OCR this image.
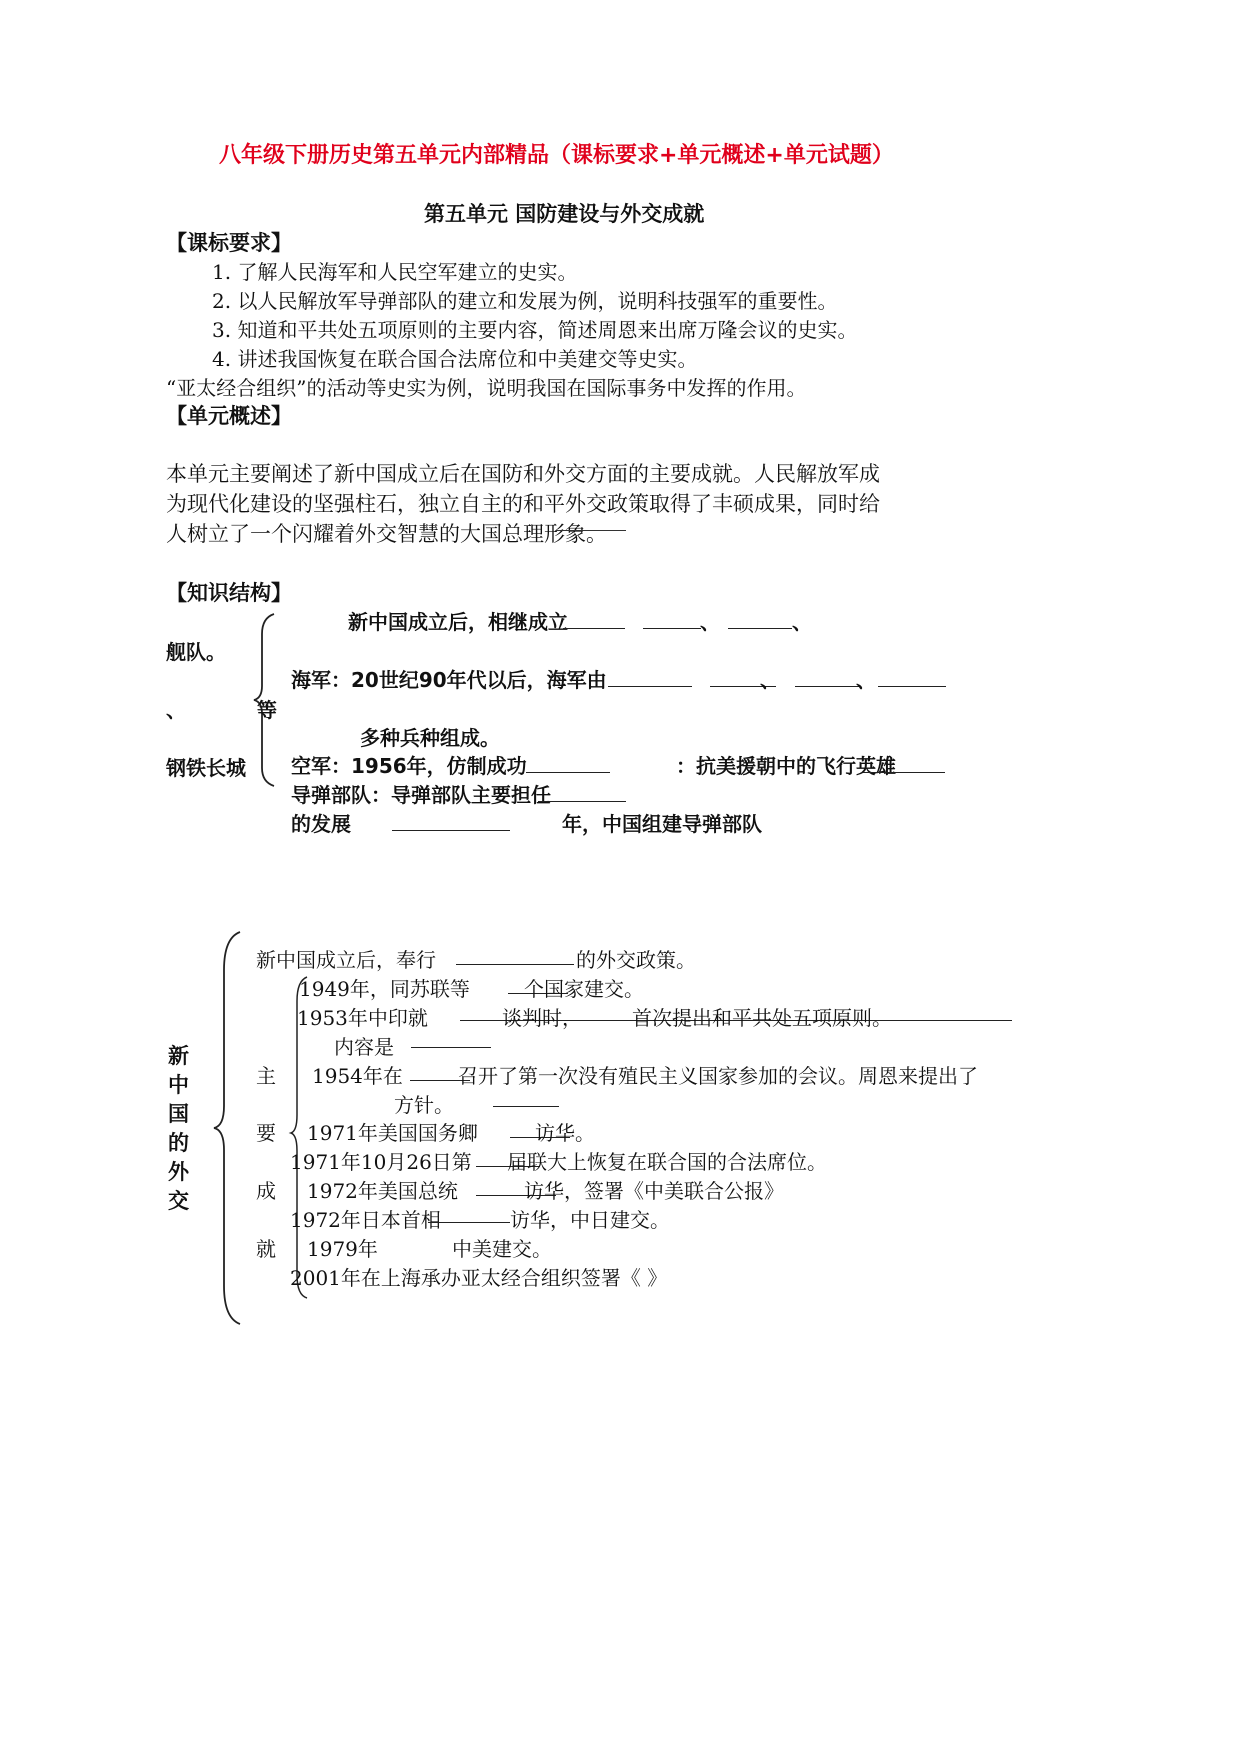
八年级下册历史第五单元内部精品（课标要求+单元概述+单元试题）
第五单元 国防建设与外交成就
【课标要求】
1. 了解人民海军和人民空军建立的史实。
2. 以人民解放军导弹部队的建立和发展为例，说明科技强军的重要性。
3. 知道和平共处五项原则的主要内容，简述周恩来出席万隆会议的史实。
4. 讲述我国恢复在联合国合法席位和中美建交等史实。
“亚太经合组织”的活动等史实为例，说明我国在国际事务中发挥的作用。
【单元概述】
本单元主要阐述了新中国成立后在国防和外交方面的主要成就。人民解放军成
为现代化建设的坚强柱石，独立自主的和平外交政策取得了丰硕成果，同时给
人树立了一个闪耀着外交智慧的大国总理形象。
【知识结构】
舰队。
、	等
钢铁长城
新中国成立后，相继成立	、	、
海军：20世纪90年代以后，海军由	、	、
多种兵种组成。
空军：1956年，仿制成功	：抗美援朝中的飞行英雄
导弹部队：导弹部队主要担任
的发展	年，中国组建导弹部队
新
中
国
的
外
交
主
要
成
就
新中国成立后，奉行	的外交政策。
1949年，同苏联等	个国家建交。
1953年中印就	谈判时，	首次提出和平共处五项原则。
内容是
1954年在	召开了第一次没有殖民主义国家参加的会议。周恩来提出了
方针。
1971年美国国务卿	访华。
1971年10月26日第 届联大上恢复在联合国的合法席位。
1972年美国总统	访华，签署《中美联合公报》
1972年日本首相	访华，中日建交。
1979年	中美建交。
2001年在上海承办亚太经合组织签署《 》
